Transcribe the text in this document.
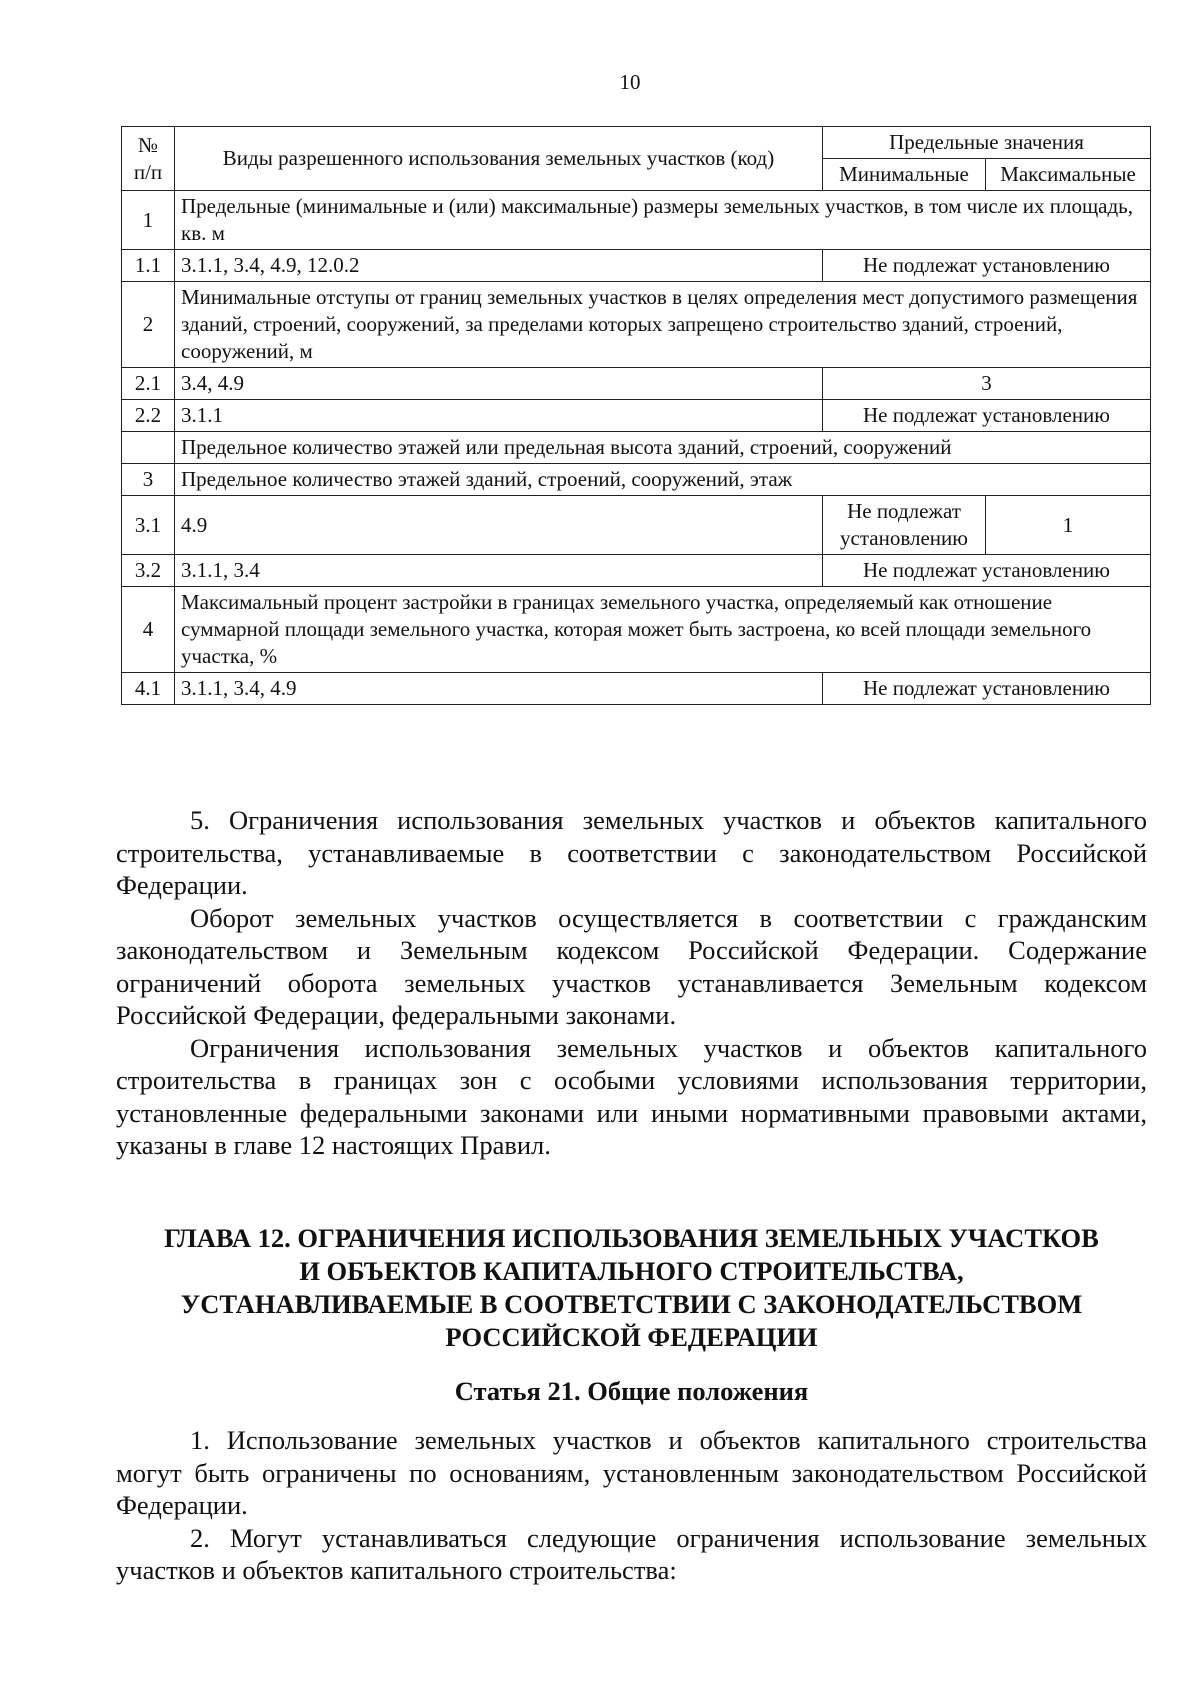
10
№ п/п	Виды разрешенного использования земельных участков (код)	Предельные значения	
		Минимальные	Максимальные
1	Предельные (минимальные и (или) максимальные) размеры земельных участков, в том числе их площадь, кв. м		
1.1	3.1.1, 3.4, 4.9, 12.0.2	Не подлежат установлению	
2	Минимальные отступы от границ земельных участков в целях определения мест допустимого размещения зданий, строений, сооружений, за пределами которых запрещено строительство зданий, строений, сооружений, м		
2.1	3.4, 4.9	3	
2.2	3.1.1	Не подлежат установлению	
	Предельное количество этажей или предельная высота зданий, строений, сооружений		
3	Предельное количество этажей зданий, строений, сооружений, этаж		
3.1	4.9	Не подлежат установлению	1
3.2	3.1.1, 3.4	Не подлежат установлению	
4	Максимальный процент застройки в границах земельного участка, определяемый как отношение суммарной площади земельного участка, которая может быть застроена, ко всей площади земельного участка, %		
4.1	3.1.1, 3.4, 4.9	Не подлежат установлению	

5. Ограничения использования земельных участков и объектов капитального строительства, устанавливаемые в соответствии с законодательством Российской Федерации.

Оборот земельных участков осуществляется в соответствии с гражданским законодательством и Земельным кодексом Российской Федерации. Содержание ограничений оборота земельных участков устанавливается Земельным кодексом Российской Федерации, федеральными законами.

Ограничения использования земельных участков и объектов капитального строительства в границах зон с особыми условиями использования территории, установленные федеральными законами или иными нормативными правовыми актами, указаны в главе 12 настоящих Правил.

ГЛАВА 12. ОГРАНИЧЕНИЯ ИСПОЛЬЗОВАНИЯ ЗЕМЕЛЬНЫХ УЧАСТКОВ
И ОБЪЕКТОВ КАПИТАЛЬНОГО СТРОИТЕЛЬСТВА,
УСТАНАВЛИВАЕМЫЕ В СООТВЕТСТВИИ С ЗАКОНОДАТЕЛЬСТВОМ
РОССИЙСКОЙ ФЕДЕРАЦИИ
Статья 21. Общие положения

1. Использование земельных участков и объектов капитального строительства могут быть ограничены по основаниям, установленным законодательством Российской Федерации.

2. Могут устанавливаться следующие ограничения использование земельных участков и объектов капитального строительства:
